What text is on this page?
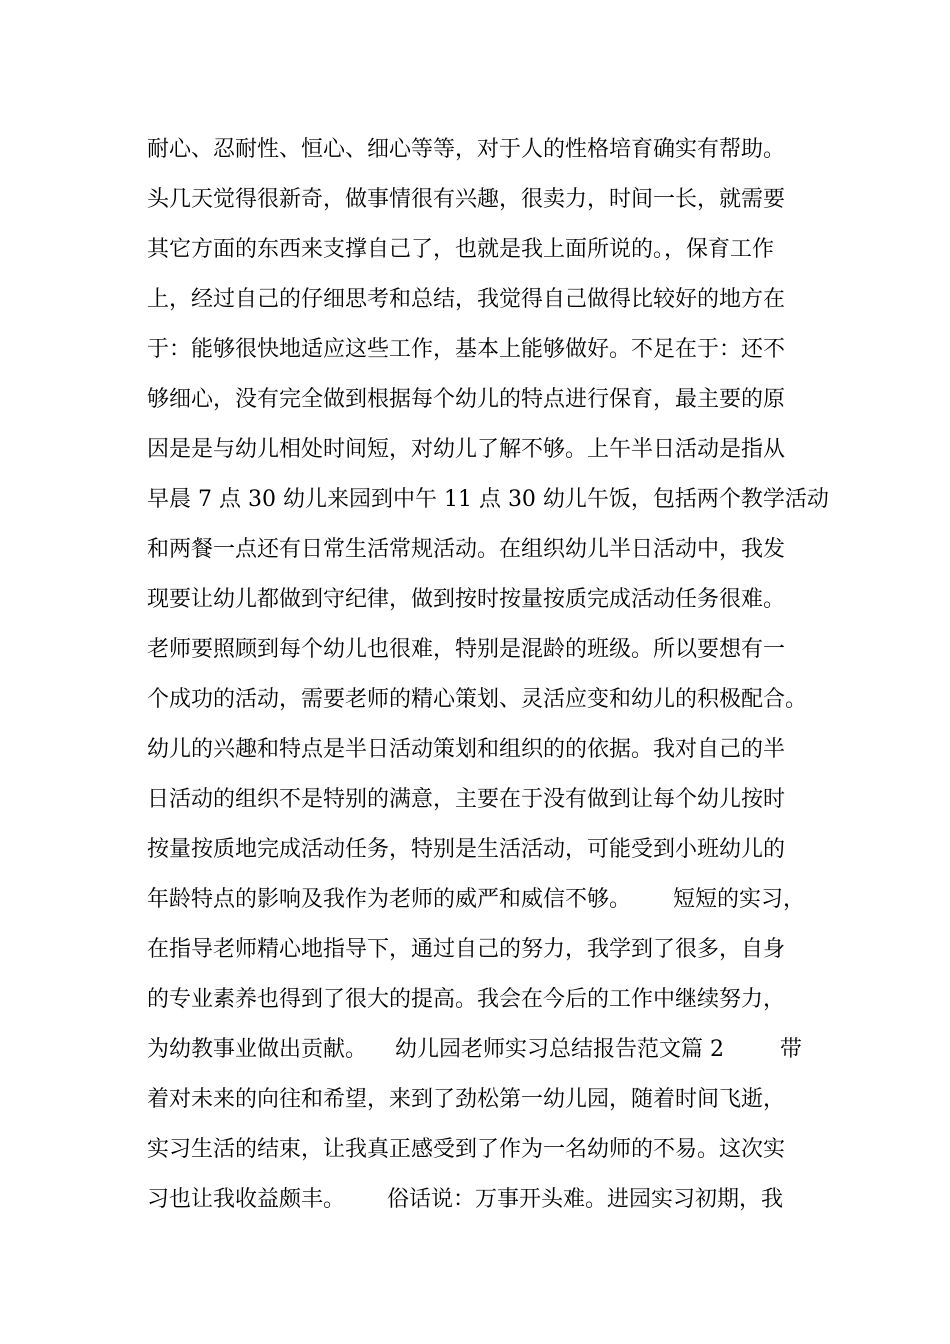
耐心、忍耐性、恒心、细心等等，对于人的性格培育确实有帮助。
头几天觉得很新奇，做事情很有兴趣，很卖力，时间一长，就需要
其它方面的东西来支撑自己了，也就是我上面所说的。，保育工作
上，经过自己的仔细思考和总结，我觉得自己做得比较好的地方在
于：能够很快地适应这些工作，基本上能够做好。不足在于：还不
够细心，没有完全做到根据每个幼儿的特点进行保育，最主要的原
因是是与幼儿相处时间短，对幼儿了解不够。上午半日活动是指从
早晨 7 点 30 幼儿来园到中午 11 点 30 幼儿午饭，包括两个教学活动
和两餐一点还有日常生活常规活动。在组织幼儿半日活动中，我发
现要让幼儿都做到守纪律，做到按时按量按质完成活动任务很难。
老师要照顾到每个幼儿也很难，特别是混龄的班级。所以要想有一
个成功的活动，需要老师的精心策划、灵活应变和幼儿的积极配合。
幼儿的兴趣和特点是半日活动策划和组织的的依据。我对自己的半
日活动的组织不是特别的满意，主要在于没有做到让每个幼儿按时
按量按质地完成活动任务，特别是生活活动，可能受到小班幼儿的
年龄特点的影响及我作为老师的威严和威信不够。      短短的实习，
在指导老师精心地指导下，通过自己的努力，我学到了很多，自身
的专业素养也得到了很大的提高。我会在今后的工作中继续努力，
为幼教事业做出贡献。    幼儿园老师实习总结报告范文篇 2        带
着对未来的向往和希望，来到了劲松第一幼儿园，随着时间飞逝，
实习生活的结束，让我真正感受到了作为一名幼师的不易。这次实
习也让我收益颇丰。      俗话说：万事开头难。进园实习初期，我
